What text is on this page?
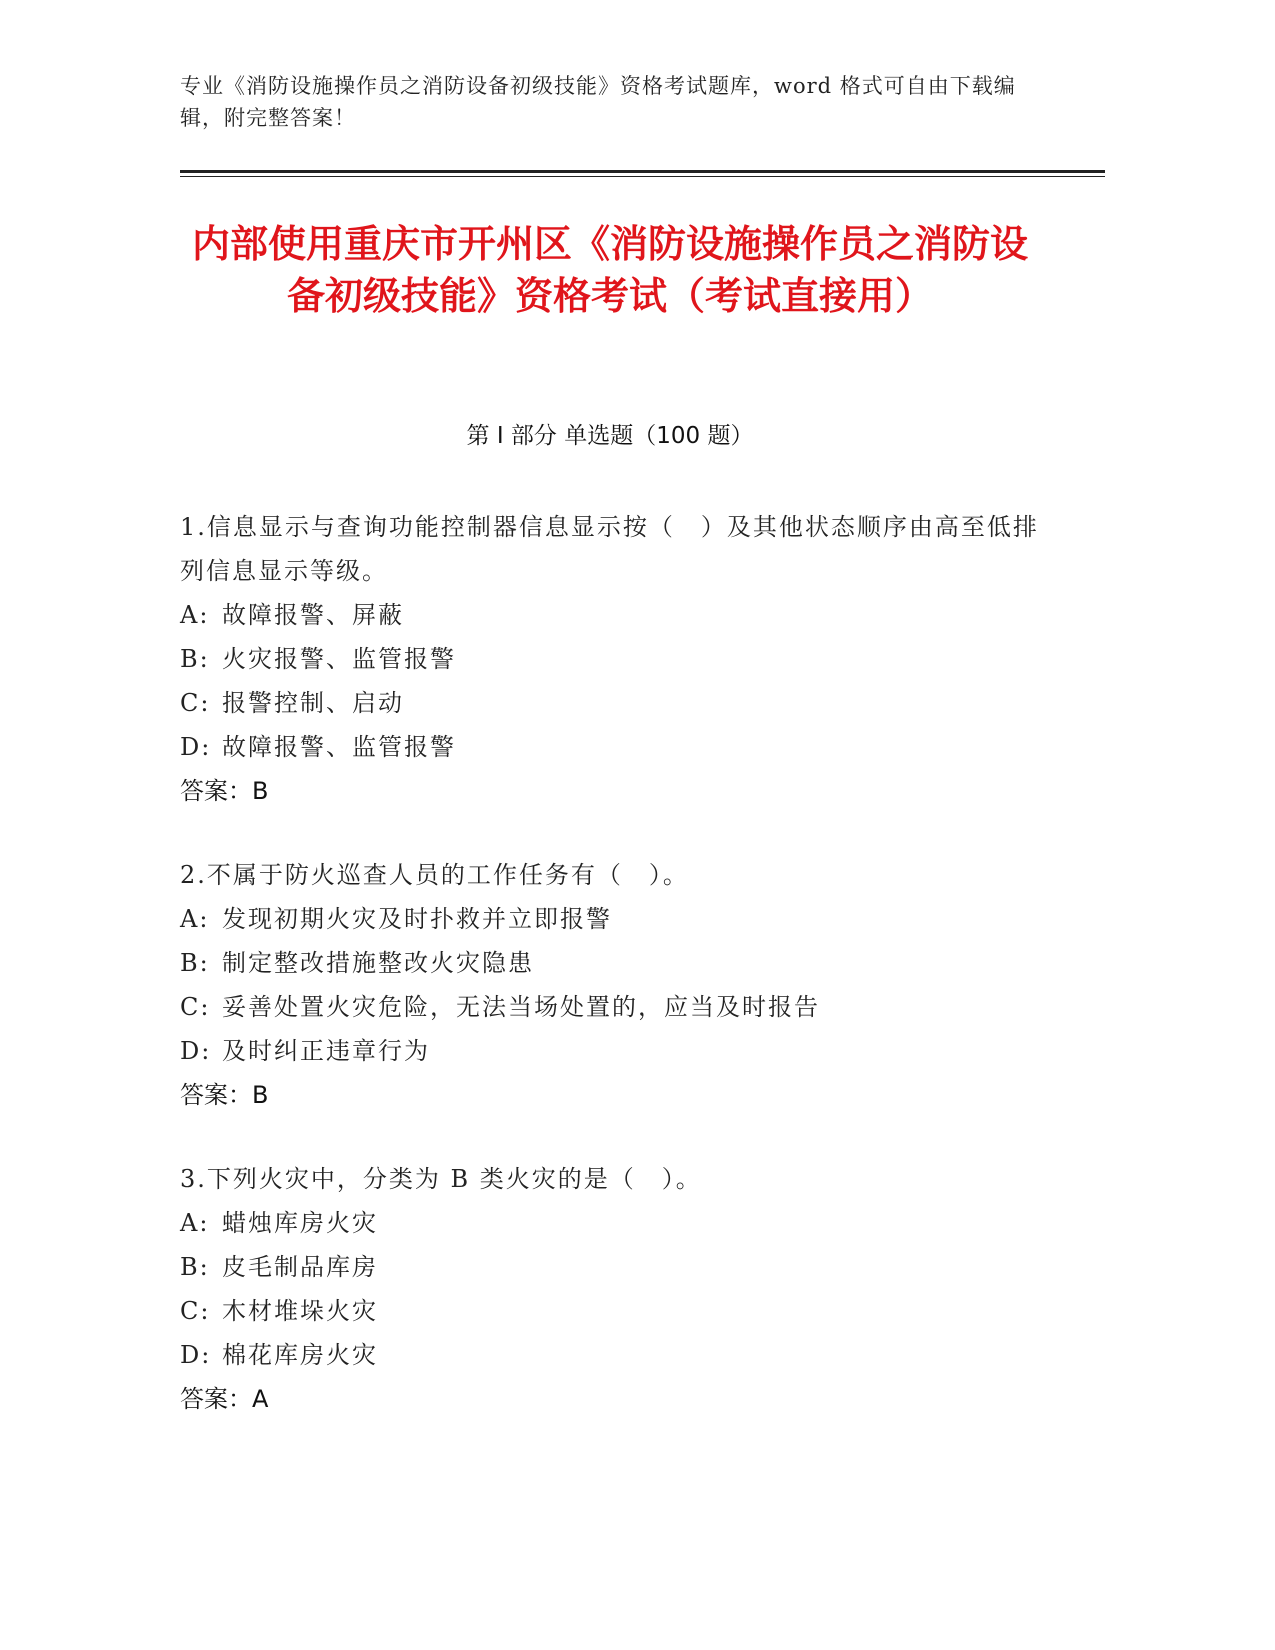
专业《消防设施操作员之消防设备初级技能》资格考试题库，word 格式可自由下载编辑，附完整答案！
内部使用重庆市开州区《消防设施操作员之消防设备初级技能》资格考试（考试直接用）
第 I 部分 单选题（100 题）
1.信息显示与查询功能控制器信息显示按（　）及其他状态顺序由高至低排列信息显示等级。
A: 故障报警、屏蔽
B: 火灾报警、监管报警
C: 报警控制、启动
D: 故障报警、监管报警
答案：B
2.不属于防火巡查人员的工作任务有（　）。
A: 发现初期火灾及时扑救并立即报警
B: 制定整改措施整改火灾隐患
C: 妥善处置火灾危险，无法当场处置的，应当及时报告
D: 及时纠正违章行为
答案：B
3.下列火灾中，分类为 B 类火灾的是（　）。
A: 蜡烛库房火灾
B: 皮毛制品库房
C: 木材堆垛火灾
D: 棉花库房火灾
答案：A
